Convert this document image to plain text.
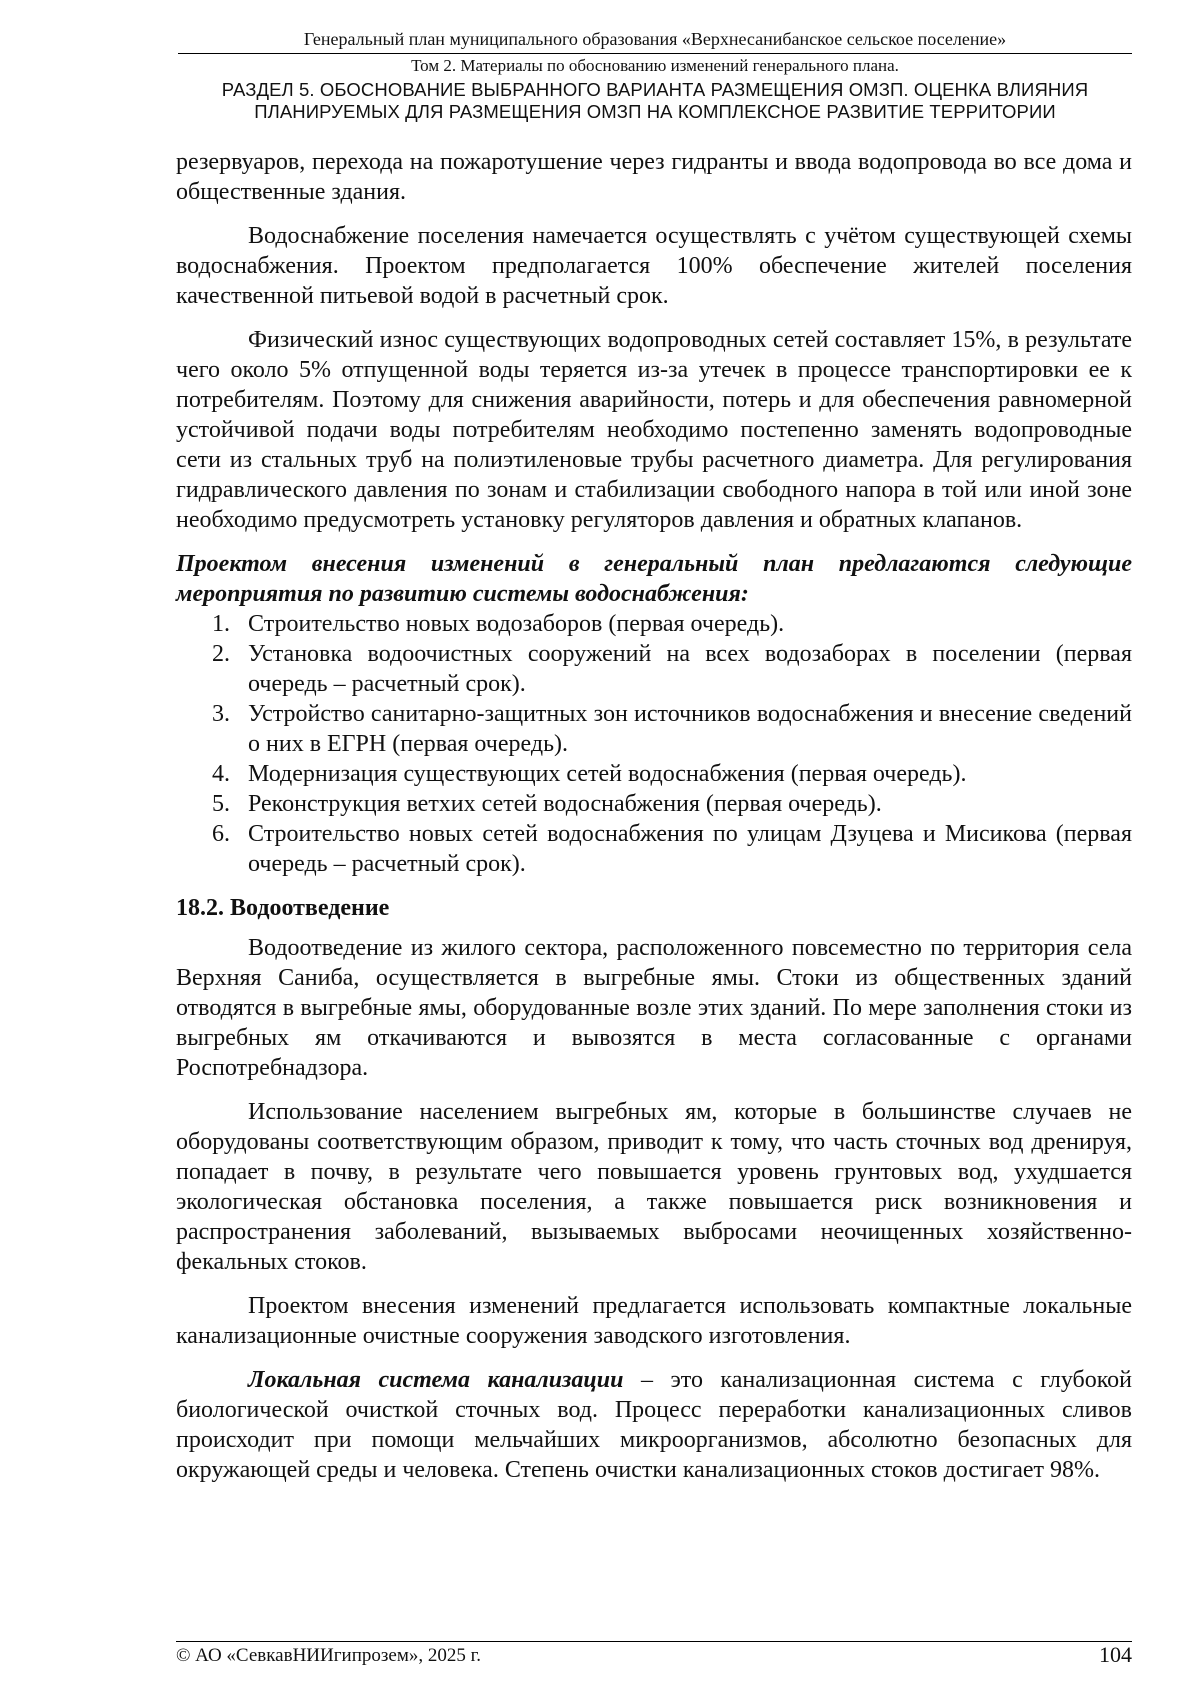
Генеральный план муниципального образования «Верхнесанибанское сельское поселение»
Том 2. Материалы по обоснованию изменений генерального плана.
РАЗДЕЛ 5. ОБОСНОВАНИЕ ВЫБРАННОГО ВАРИАНТА РАЗМЕЩЕНИЯ ОМЗП. ОЦЕНКА ВЛИЯНИЯ
ПЛАНИРУЕМЫХ ДЛЯ РАЗМЕЩЕНИЯ ОМЗП НА КОМПЛЕКСНОЕ РАЗВИТИЕ ТЕРРИТОРИИ

резервуаров, перехода на пожаротушение через гидранты и ввода водопровода во все дома и общественные здания.

Водоснабжение поселения намечается осуществлять с учётом существующей схемы водоснабжения. Проектом предполагается 100% обеспечение жителей поселения качественной питьевой водой в расчетный срок.

Физический износ существующих водопроводных сетей составляет 15%, в результате чего около 5% отпущенной воды теряется из-за утечек в процессе транспортировки ее к потребителям. Поэтому для снижения аварийности, потерь и для обеспечения равномерной устойчивой подачи воды потребителям необходимо постепенно заменять водопроводные сети из стальных труб на полиэтиленовые трубы расчетного диаметра. Для регулирования гидравлического давления по зонам и стабилизации свободного напора в той или иной зоне необходимо предусмотреть установку регуляторов давления и обратных клапанов.

Проектом внесения изменений в генеральный план предлагаются следующие мероприятия по развитию системы водоснабжения:

1. Строительство новых водозаборов (первая очередь).
2. Установка водоочистных сооружений на всех водозаборах в поселении (первая очередь – расчетный срок).
3. Устройство санитарно-защитных зон источников водоснабжения и внесение сведений о них в ЕГРН (первая очередь).
4. Модернизация существующих сетей водоснабжения (первая очередь).
5. Реконструкция ветхих сетей водоснабжения (первая очередь).
6. Строительство новых сетей водоснабжения по улицам Дзуцева и Мисикова (первая очередь – расчетный срок).
18.2. Водоотведение

Водоотведение из жилого сектора, расположенного повсеместно по территория села Верхняя Саниба, осуществляется в выгребные ямы. Стоки из общественных зданий отводятся в выгребные ямы, оборудованные возле этих зданий. По мере заполнения стоки из выгребных ям откачиваются и вывозятся в места согласованные с органами Роспотребнадзора.

Использование населением выгребных ям, которые в большинстве случаев не оборудованы соответствующим образом, приводит к тому, что часть сточных вод дренируя, попадает в почву, в результате чего повышается уровень грунтовых вод, ухудшается экологическая обстановка поселения, а также повышается риск возникновения и распространения заболеваний, вызываемых выбросами неочищенных хозяйственно-фекальных стоков.

Проектом внесения изменений предлагается использовать компактные локальные канализационные очистные сооружения заводского изготовления.

Локальная система канализации – это канализационная система с глубокой биологической очисткой сточных вод. Процесс переработки канализационных сливов происходит при помощи мельчайших микроорганизмов, абсолютно безопасных для окружающей среды и человека. Степень очистки канализационных стоков достигает 98%.

© АО «СевкавНИИгипрозем», 2025 г.	104
